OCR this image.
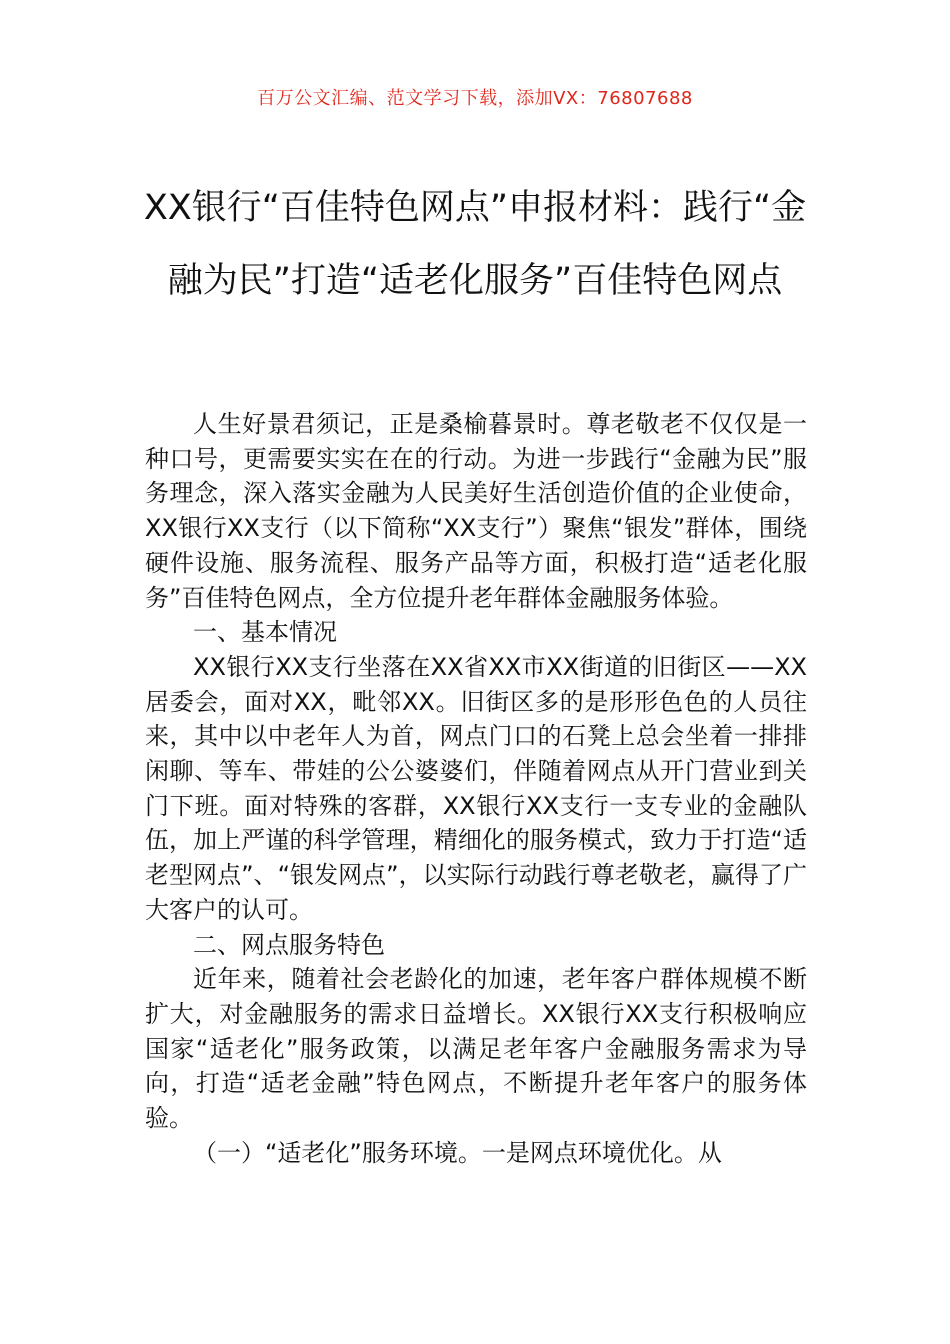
百万公文汇编、范文学习下载，添加VX：76807688
XX银行“百佳特色网点”申报材料：践行“金融为民”打造“适老化服务”百佳特色网点

人生好景君须记，正是桑榆暮景时。尊老敬老不仅仅是一种口号，更需要实实在在的行动。为进一步践行“金融为民”服务理念，深入落实金融为人民美好生活创造价值的企业使命，XX银行XX支行（以下简称“XX支行”）聚焦“银发”群体，围绕硬件设施、服务流程、服务产品等方面，积极打造“适老化服务”百佳特色网点，全方位提升老年群体金融服务体验。

一、基本情况

XX银行XX支行坐落在XX省XX市XX街道的旧街区——XX居委会，面对XX，毗邻XX。旧街区多的是形形色色的人员往来，其中以中老年人为首，网点门口的石凳上总会坐着一排排闲聊、等车、带娃的公公婆婆们，伴随着网点从开门营业到关门下班。面对特殊的客群，XX银行XX支行一支专业的金融队伍，加上严谨的科学管理，精细化的服务模式，致力于打造“适老型网点”、“银发网点”，以实际行动践行尊老敬老，赢得了广大客户的认可。

二、网点服务特色

近年来，随着社会老龄化的加速，老年客户群体规模不断扩大，对金融服务的需求日益增长。XX银行XX支行积极响应国家“适老化”服务政策，以满足老年客户金融服务需求为导向，打造“适老金融”特色网点，不断提升老年客户的服务体验。

（一）“适老化”服务环境。一是网点环境优化。从
